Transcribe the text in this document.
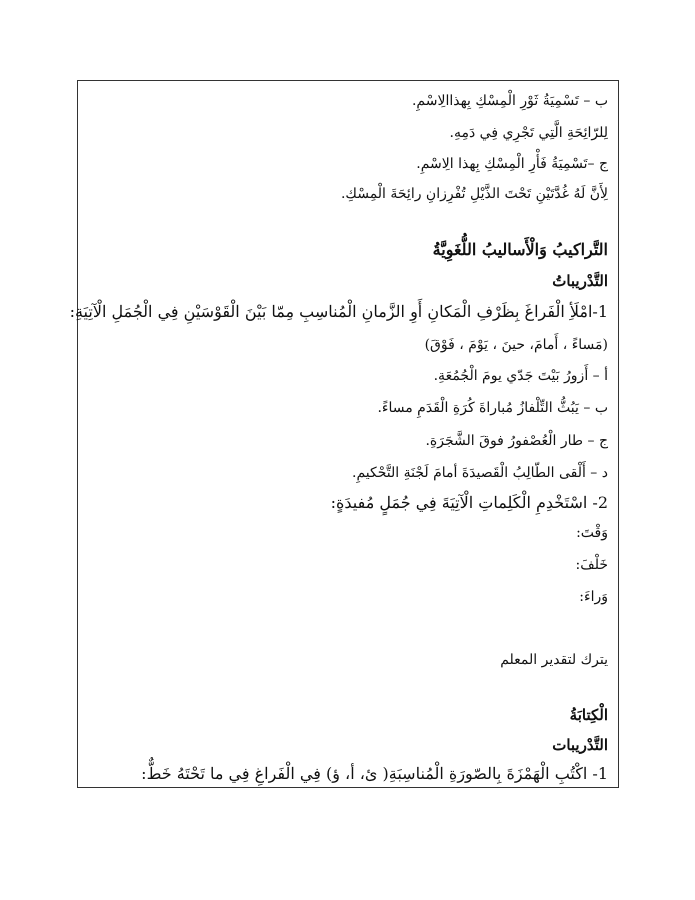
ب – تَسْمِيَةُ ثَوْرِ الْمِسْكِ بِهذاالِاسْمِ.
لِلرّائِحَةِ الَّتِي تَجْرِي فِي دَمِهِ.
ج –تَسْمِيَةُ فَأْرِ الْمِسْكِ بِهذا الِاسْمِ.
لِأَنَّ لَهُ غُدَّتَيْنِ تَحْتَ الذَّيْلِ تُفْرِزانِ رائِحَةَ الْمِسْكِ.
التَّراكيبُ وَالْأَساليبُ اللُّغَوِيَّةُ
التَّدْريباتُ
1-امْلَأِ الْفَراغَ بِظَرْفِ الْمَكانِ أَوِ الزَّمانِ الْمُناسِبِ مِمّا بَيْنَ الْقَوْسَيْنِ فِي الْجُمَلِ الْآتِيَةِ:
(مَساءً ، أَمامَ، حينَ ، يَوْمَ ، فَوْقَ)
أ – أَزورُ بَيْتَ جَدّي يومَ الْجُمُعَةِ.
ب – يَبُثُّ التِّلْفازُ مُباراةَ كُرَةِ الْقَدَمِ مساءً.
ج – طار الْعُصْفورُ فوقَ الشَّجَرَةِ.
د – أَلْقى الطّالِبُ الْقَصيدَةَ أمامَ لَجْنَةِ التَّحْكيمِ.
2- اسْتَخْدِمِ الْكَلِماتِ الْآتِيَةَ فِي جُمَلٍ مُفيدَةٍ:
وَقْتَ:
خَلْفَ:
وَراءَ:
يترك لتقدير المعلم
الْكِتابَةُ
التَّدْريبات
1- اكْتُبِ الْهَمْزَةَ بِالصّورَةِ الْمُناسِبَةِ( ئ، أ، ؤ) فِي الْفَراغِ فِي ما تَحْتَهُ خَطٌّ:
